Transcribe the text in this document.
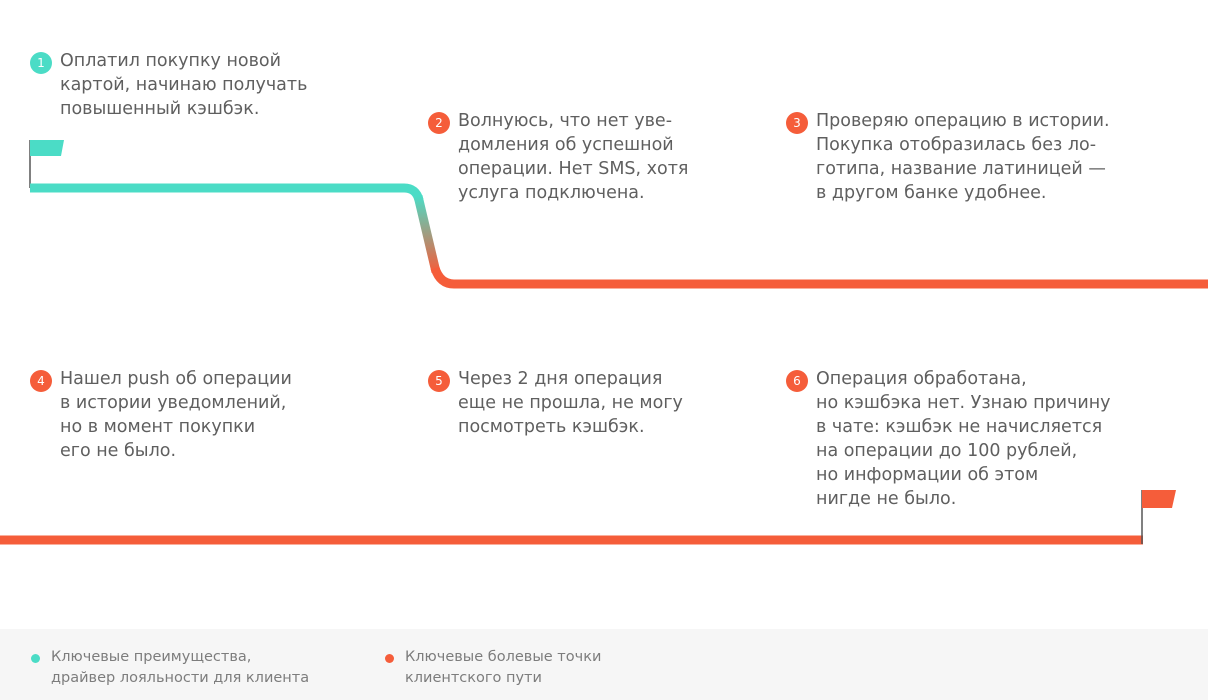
1 Оплатил покупку новой
картой, начинаю получать
повышенный кэшбэк.

2 Волнуюсь, что нет уве-
домления об успешной
операции. Нет SMS, хотя
услуга подключена.

3 Проверяю операцию в истории.
Покупка отобразилась без ло-
готипа, название латиницей —
в другом банке удобнее.

4 Нашел push об операции
в истории уведомлений,
но в момент покупки
его не было.

5 Через 2 дня операция
еще не прошла, не могу
посмотреть кэшбэк.

6 Операция обработана,
но кэшбэка нет. Узнаю причину
в чате: кэшбэк не начисляется
на операции до 100 рублей,
но информации об этом
нигде не было.

Ключевые преимущества,
драйвер лояльности для клиента

Ключевые болевые точки
клиентского пути
